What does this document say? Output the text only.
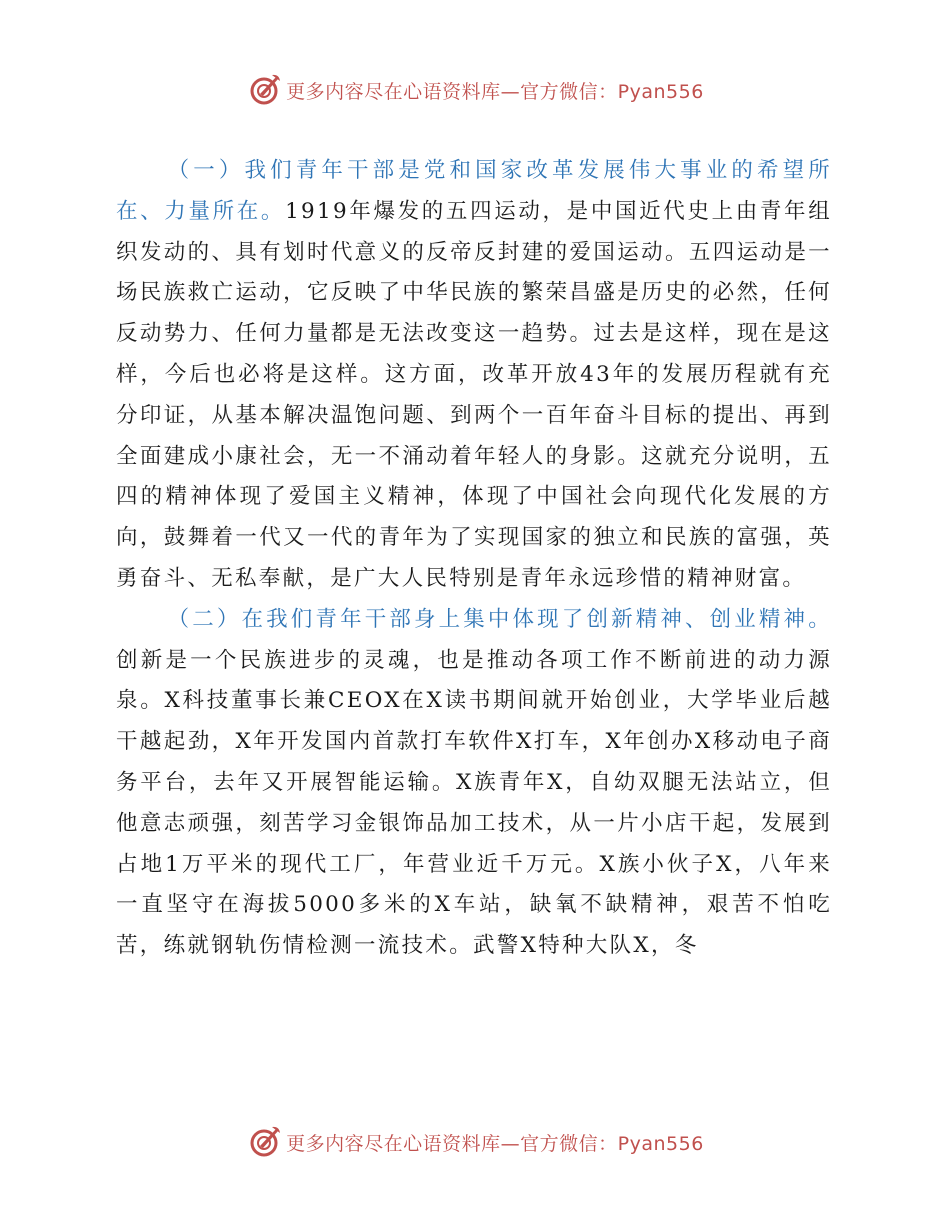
更多内容尽在心语资料库—官方微信：Pyan556

（一）我们青年干部是党和国家改革发展伟大事业的希望所在、力量所在。1919年爆发的五四运动，是中国近代史上由青年组织发动的、具有划时代意义的反帝反封建的爱国运动。五四运动是一场民族救亡运动，它反映了中华民族的繁荣昌盛是历史的必然，任何反动势力、任何力量都是无法改变这一趋势。过去是这样，现在是这样，今后也必将是这样。这方面，改革开放43年的发展历程就有充分印证，从基本解决温饱问题、到两个一百年奋斗目标的提出、再到全面建成小康社会，无一不涌动着年轻人的身影。这就充分说明，五四的精神体现了爱国主义精神，体现了中国社会向现代化发展的方向，鼓舞着一代又一代的青年为了实现国家的独立和民族的富强，英勇奋斗、无私奉献，是广大人民特别是青年永远珍惜的精神财富。

（二）在我们青年干部身上集中体现了创新精神、创业精神。创新是一个民族进步的灵魂，也是推动各项工作不断前进的动力源泉。X科技董事长兼CEOX在X读书期间就开始创业，大学毕业后越干越起劲，X年开发国内首款打车软件X打车，X年创办X移动电子商务平台，去年又开展智能运输。X族青年X，自幼双腿无法站立，但他意志顽强，刻苦学习金银饰品加工技术，从一片小店干起，发展到占地1万平米的现代工厂，年营业近千万元。X族小伙子X，八年来一直坚守在海拔5000多米的X车站，缺氧不缺精神，艰苦不怕吃苦，练就钢轨伤情检测一流技术。武警X特种大队X，冬

更多内容尽在心语资料库—官方微信：Pyan556
